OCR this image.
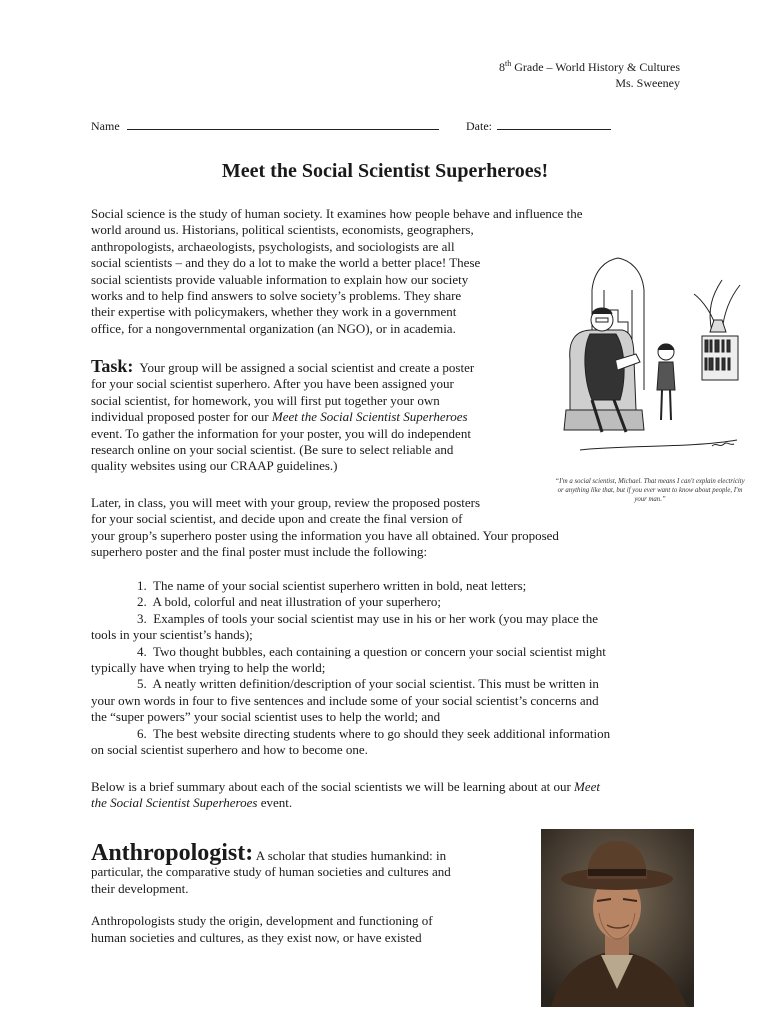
8th Grade – World History & Cultures
Ms. Sweeney
Name	Date:
Meet the Social Scientist Superheroes!
Social science is the study of human society. It examines how people behave and influence the
world around us. Historians, political scientists, economists, geographers,
anthropologists, archaeologists, psychologists, and sociologists are all
social scientists – and they do a lot to make the world a better place! These
social scientists provide valuable information to explain how our society
works and to help find answers to solve society’s problems. They share
their expertise with policymakers, whether they work in a government
office, for a nongovernmental organization (an NGO), or in academia.
Task: Your group will be assigned a social scientist and create a poster
for your social scientist superhero. After you have been assigned your
social scientist, for homework, you will first put together your own
individual proposed poster for our Meet the Social Scientist Superheroes
event. To gather the information for your poster, you will do independent
research online on your social scientist. (Be sure to select reliable and
quality websites using our CRAAP guidelines.)
“I'm a social scientist, Michael. That means I can't explain electricity or anything like that, but if you ever want to know about people, I'm your man.”
Later, in class, you will meet with your group, review the proposed posters
for your social scientist, and decide upon and create the final version of
your group’s superhero poster using the information you have all obtained. Your proposed
superhero poster and the final poster must include the following:
1. The name of your social scientist superhero written in bold, neat letters;
2. A bold, colorful and neat illustration of your superhero;
3. Examples of tools your social scientist may use in his or her work (you may place the
tools in your scientist’s hands);
4. Two thought bubbles, each containing a question or concern your social scientist might
typically have when trying to help the world;
5. A neatly written definition/description of your social scientist. This must be written in
your own words in four to five sentences and include some of your social scientist’s concerns and
the “super powers” your social scientist uses to help the world; and
6. The best website directing students where to go should they seek additional information
on social scientist superhero and how to become one.
Below is a brief summary about each of the social scientists we will be learning about at our Meet
the Social Scientist Superheroes event.
Anthropologist: A scholar that studies humankind: in
particular, the comparative study of human societies and cultures and
their development.
Anthropologists study the origin, development and functioning of
human societies and cultures, as they exist now, or have existed
